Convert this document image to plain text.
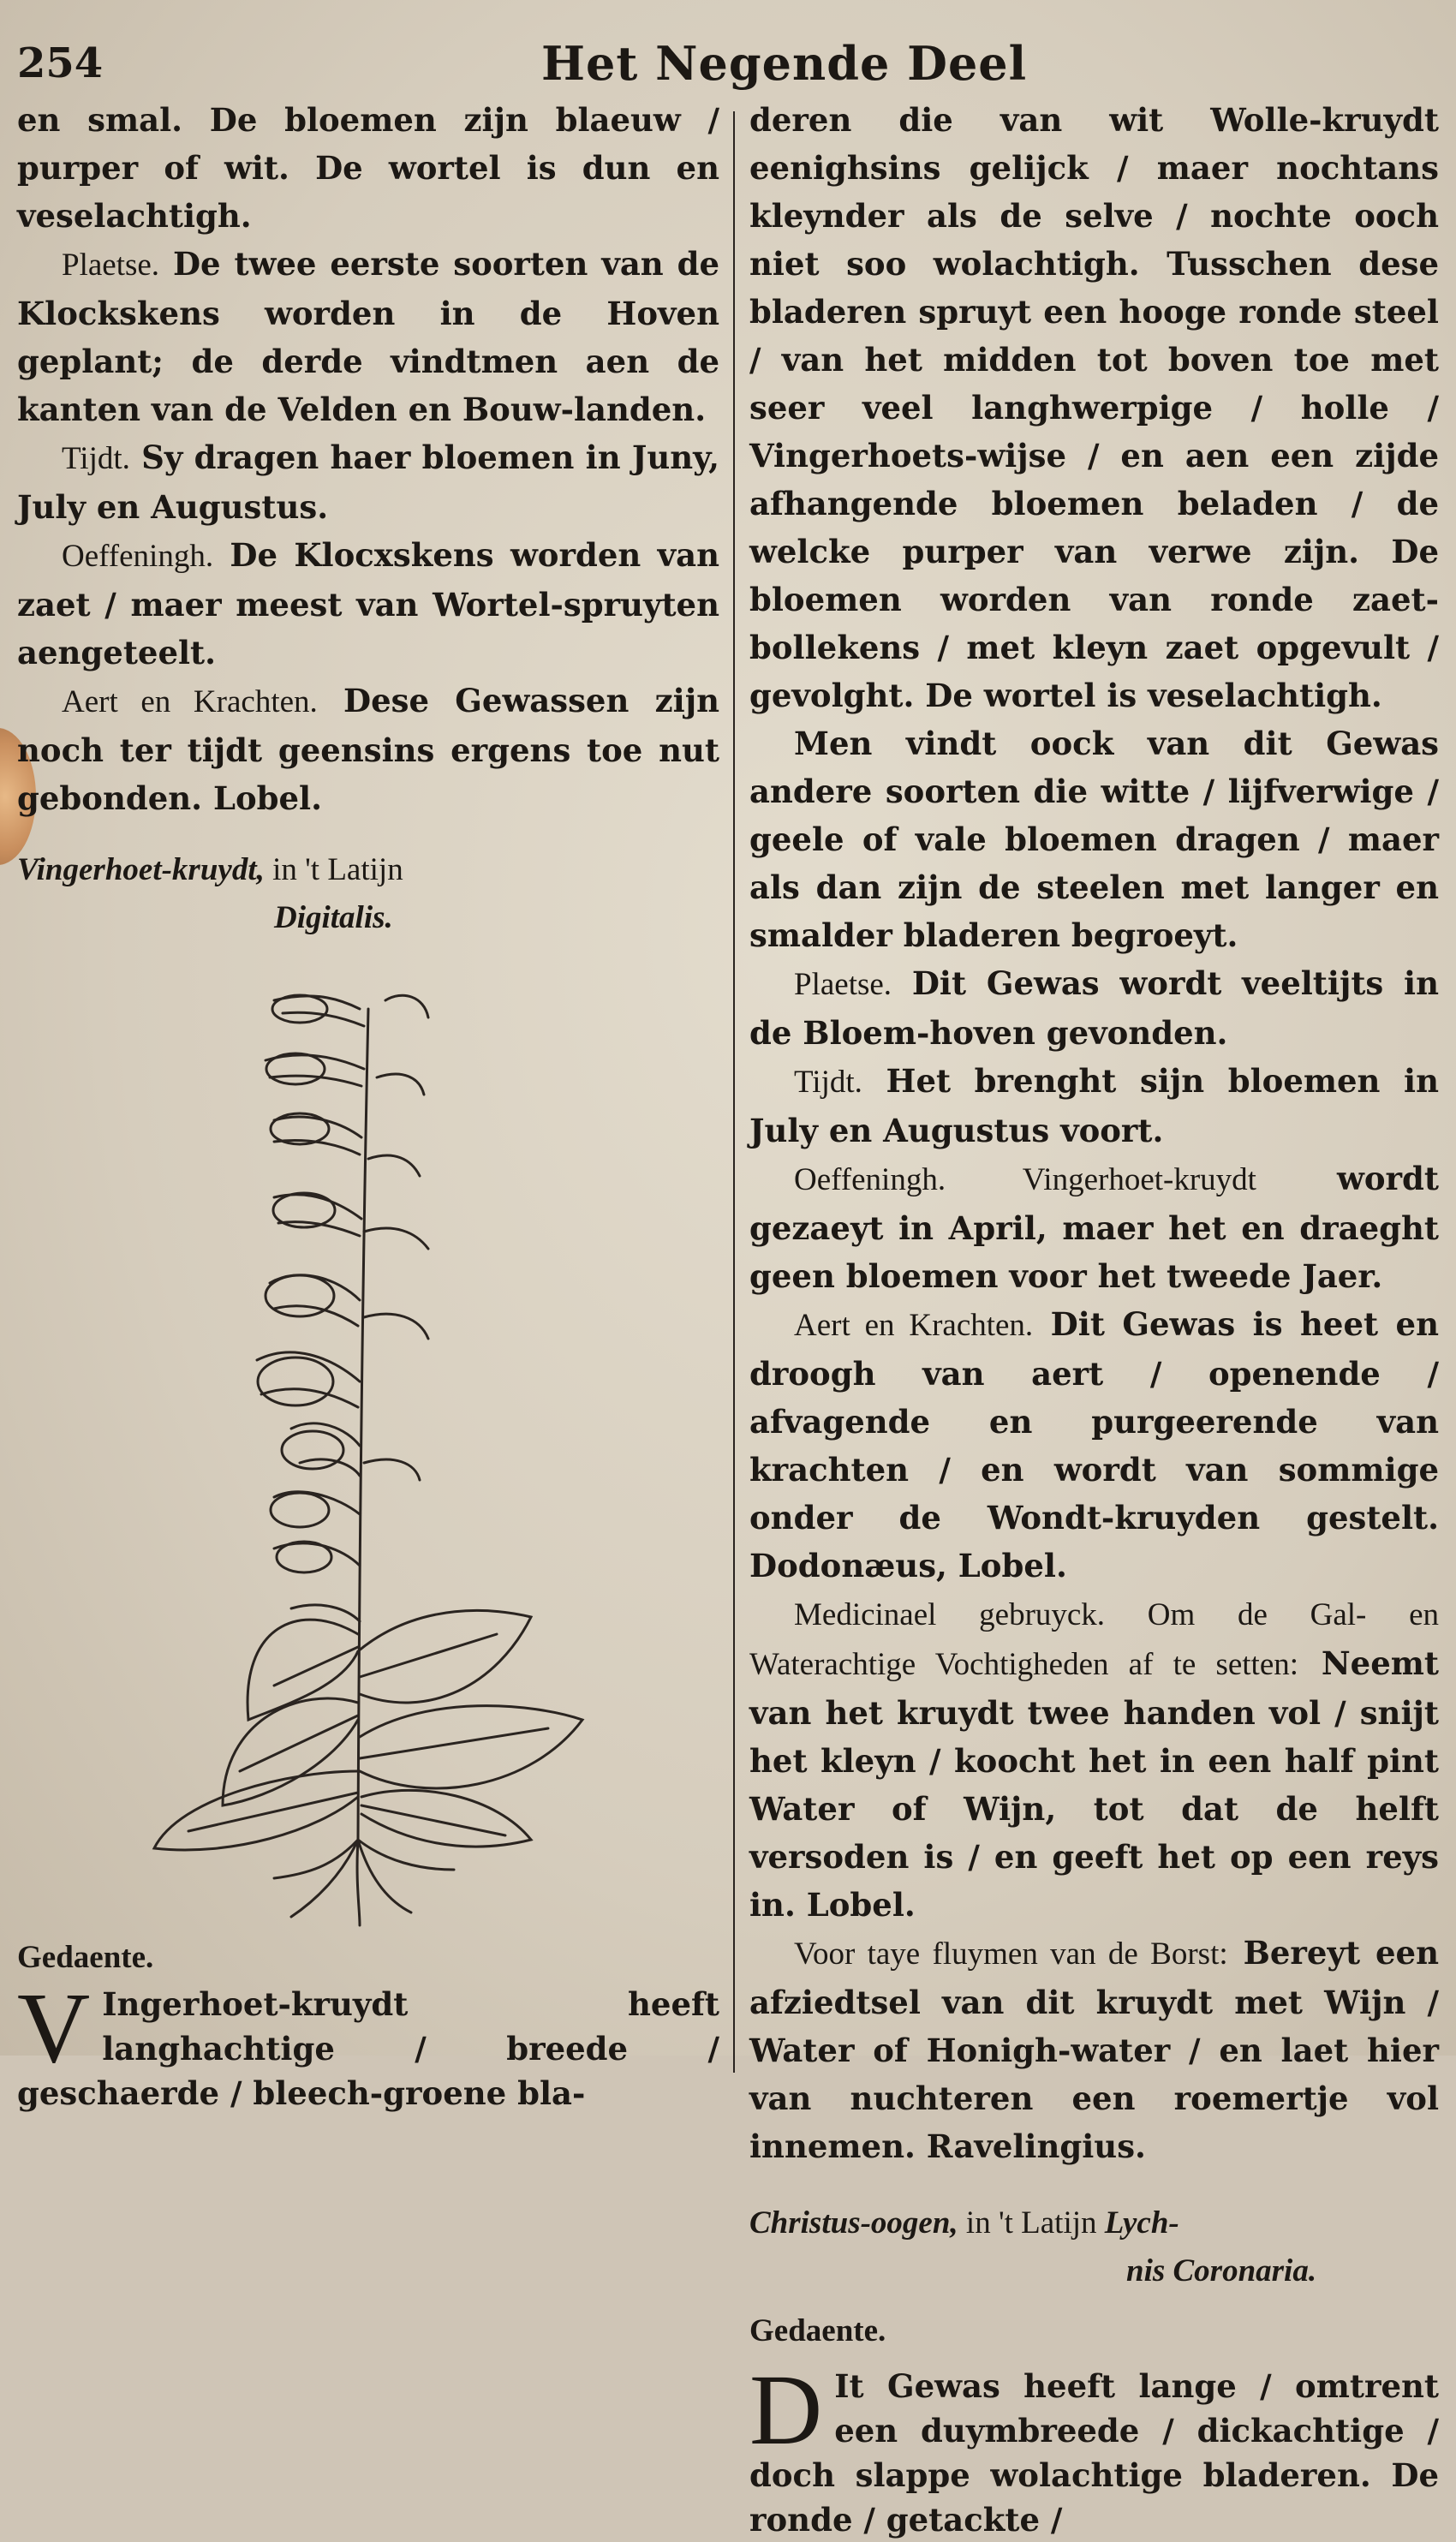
254	Het Negende Deel

en smal. De bloemen zijn blaeuw / purper of wit. De wortel is dun en veselachtigh.

Plaetse. De twee eerste soorten van de Klockskens worden in de Hoven geplant; de derde vindtmen aen de kanten van de Velden en Bouw-landen.

Tijdt. Sy dragen haer bloemen in Juny, July en Augustus.

Oeffeningh. De Klocxskens worden van zaet / maer meest van Wortel-spruyten aengeteelt.

Aert en Krachten. Dese Gewassen zijn noch ter tijdt geensins ergens toe nut gebonden. Lobel.

Vingerhoet-kruydt, in 't Latijn

Digitalis.

Gedaente.

V Ingerhoet-kruydt heeft langhachtige / breede / geschaerde / bleech-groene bla-

deren die van wit Wolle-kruydt eenighsins gelijck / maer nochtans kleynder als de selve / nochte ooch niet soo wolachtigh. Tusschen dese bladeren spruyt een hooge ronde steel / van het midden tot boven toe met seer veel langhwerpige / holle / Vingerhoets-wijse / en aen een zijde afhangende bloemen beladen / de welcke purper van verwe zijn. De bloemen worden van ronde zaet-bollekens / met kleyn zaet opgevult / gevolght. De wortel is veselachtigh.

Men vindt oock van dit Gewas andere soorten die witte / lijfverwige / geele of vale bloemen dragen / maer als dan zijn de steelen met langer en smalder bladeren begroeyt.

Plaetse. Dit Gewas wordt veeltijts in de Bloem-hoven gevonden.

Tijdt. Het brenght sijn bloemen in July en Augustus voort.

Oeffeningh. Vingerhoet-kruydt	wordt gezaeyt in April, maer het en draeght geen bloemen voor het tweede Jaer.

Aert en Krachten. Dit Gewas is heet en droogh van aert / openende / afvagende en purgeerende van krachten / en wordt van sommige onder de Wondt-kruyden gestelt. Dodonæus, Lobel.

Medicinael gebruyck. Om de Gal- en Waterachtige Vochtigheden af te setten: Neemt van het kruydt twee handen vol / snijt het kleyn / koocht het in een half pint Water of Wijn, tot dat de helft versoden is / en geeft het op een reys in. Lobel.

Voor taye fluymen van de Borst: Bereyt een afziedtsel van dit kruydt met Wijn / Water of Honigh-water / en laet hier van nuchteren een roemertje vol innemen. Ravelingius.

Christus-oogen, in 't Latijn Lych-

nis Coronaria.

Gedaente.

D It Gewas heeft lange / omtrent een duymbreede / dickachtige / doch slappe wolachtige bladeren. De ronde / getackte /
